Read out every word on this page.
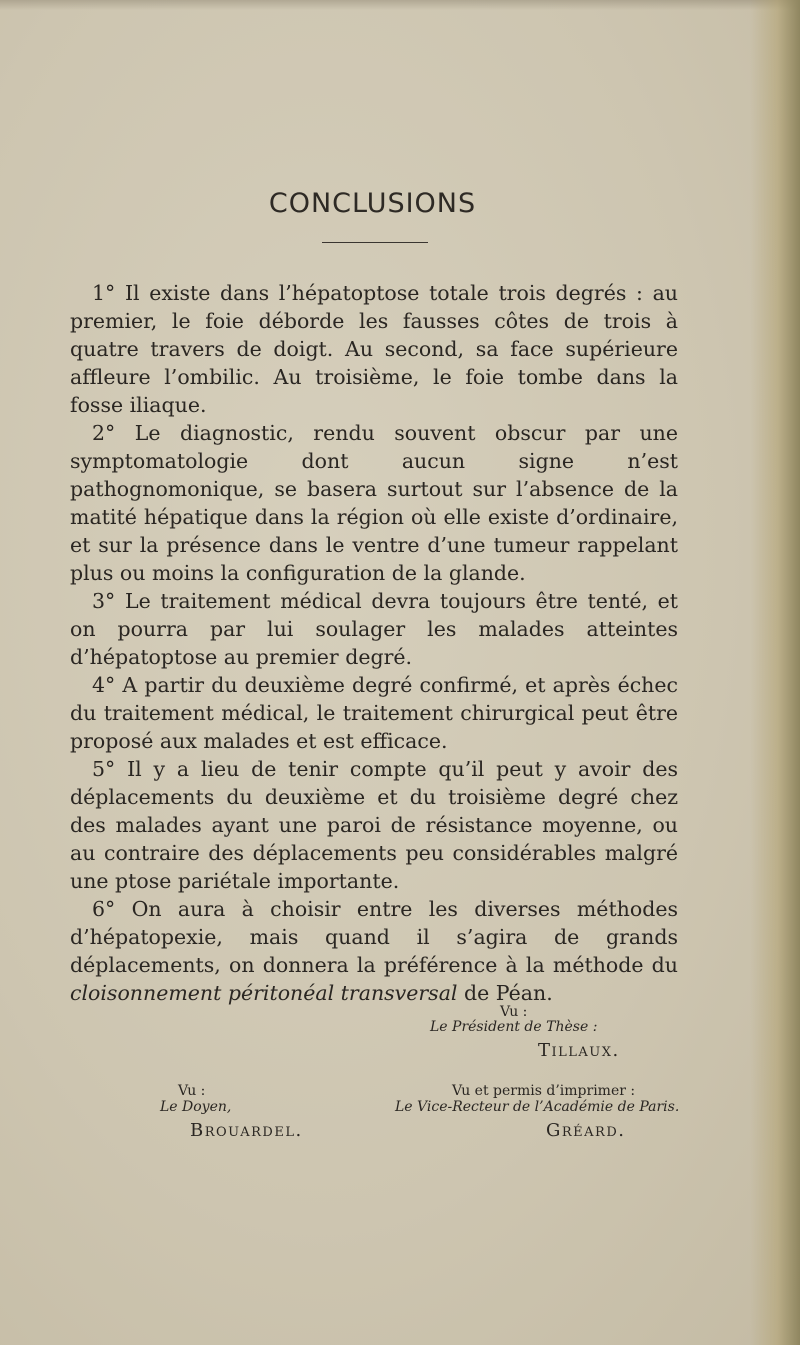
CONCLUSIONS

1° Il existe dans l’hépatoptose totale trois degrés : au premier, le foie déborde les fausses côtes de trois à quatre travers de doigt. Au second, sa face supérieure affleure l’ombilic. Au troisième, le foie tombe dans la fosse iliaque.

2° Le diagnostic, rendu souvent obscur par une symptomatologie dont aucun signe n’est pathognomonique, se basera surtout sur l’absence de la matité hépatique dans la région où elle existe d’ordinaire, et sur la présence dans le ventre d’une tumeur rappelant plus ou moins la configuration de la glande.

3° Le traitement médical devra toujours être tenté, et on pourra par lui soulager les malades atteintes d’hépatoptose au premier degré.

4° A partir du deuxième degré confirmé, et après échec du traitement médical, le traitement chirurgical peut être proposé aux malades et est efficace.

5° Il y a lieu de tenir compte qu’il peut y avoir des déplacements du deuxième et du troisième degré chez des malades ayant une paroi de résistance moyenne, ou au contraire des déplacements peu considérables malgré une ptose pariétale importante.

6° On aura à choisir entre les diverses méthodes d’hépatopexie, mais quand il s’agira de grands déplacements, on donnera la préférence à la méthode du cloisonnement péritonéal transversal de Péan.

Vu :
Le Président de Thèse :
Tillaux.
Vu :
Le Doyen,
Brouardel.
Vu et permis d’imprimer :
Le Vice-Recteur de l’Académie de Paris.
Gréard.
